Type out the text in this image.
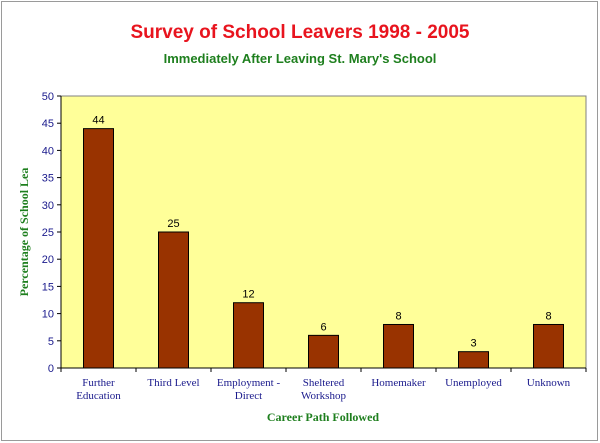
Survey of School Leavers 1998 - 2005
Immediately After Leaving St. Mary's School
0
5
10
15
20
25
30
35
40
45
50
Further Education
Third Level Employment -Direct
Sheltered Workshop
Homemaker Unemployed Unknown
44
25
12
6
8
3
8
Career Path Followed
Percentage of School Lea
